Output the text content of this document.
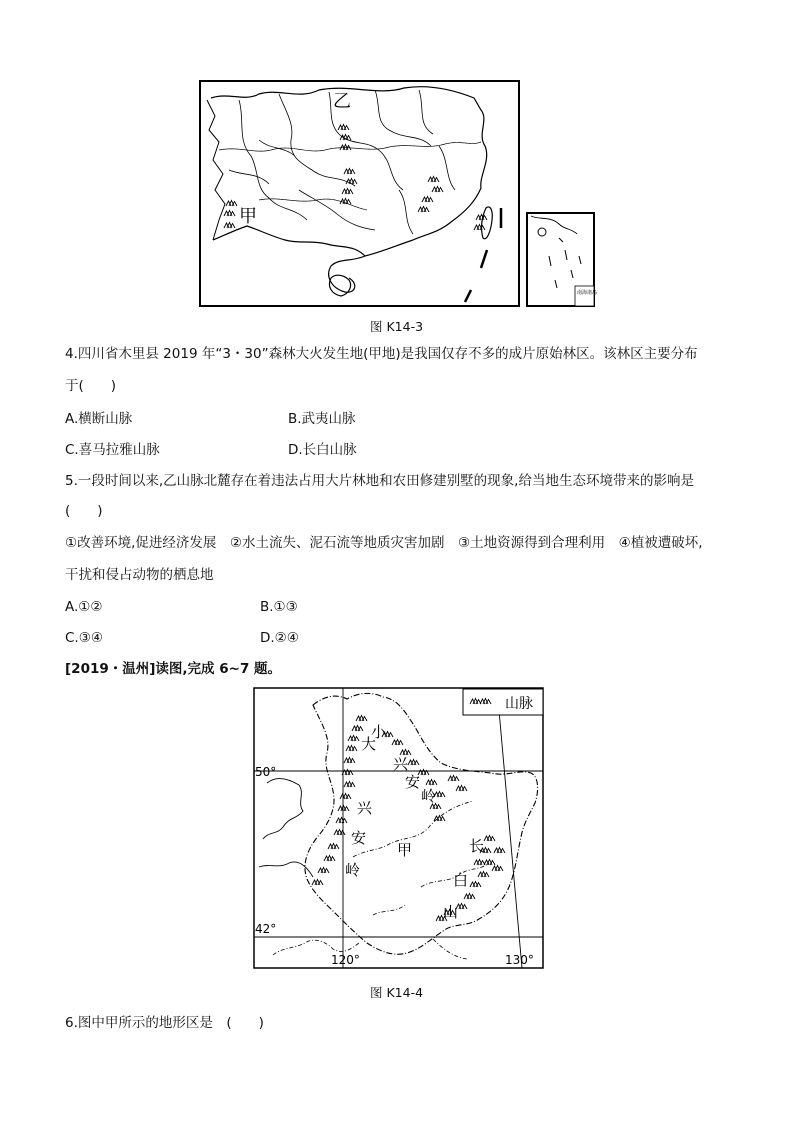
乙
甲
南海诸岛
图 K14-3
4.四川省木里县 2019 年“3・30”森林大火发生地(甲地)是我国仅存不多的成片原始林区。该林区主要分布
于(　　)
A.横断山脉	B.武夷山脉
C.喜马拉雅山脉	D.长白山脉
5.一段时间以来,乙山脉北麓存在着违法占用大片林地和农田修建别墅的现象,给当地生态环境带来的影响是
(　　)
①改善环境,促进经济发展　②水土流失、泥石流等地质灾害加剧　③土地资源得到合理利用　④植被遭破坏,
干扰和侵占动物的栖息地
A.①②	B.①③
C.③④	D.②④
[2019・温州]读图,完成 6~7 题。
山脉
50°
42°
120°	130°
大
小
兴
安
岭
兴
安
岭
甲	长
白
山
图 K14-4
6.图中甲所示的地形区是　(　　)
